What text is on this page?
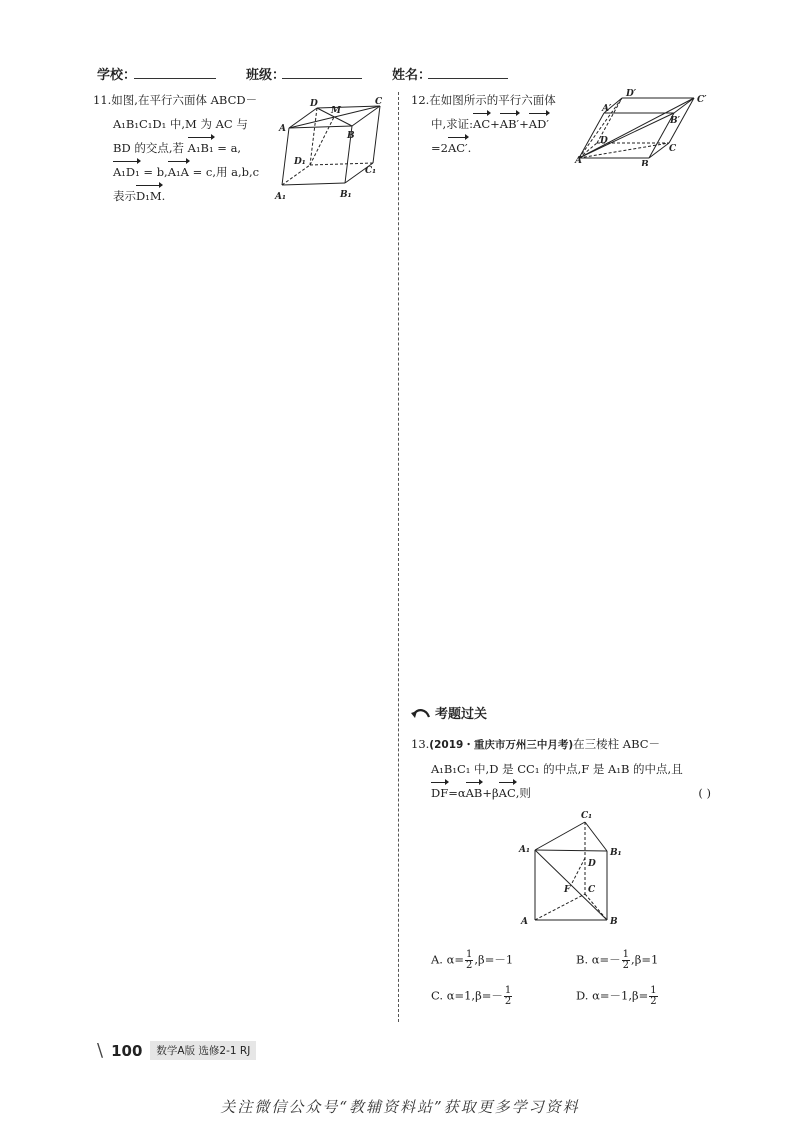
学校：	班级：	姓名：
11.如图,在平行六面体 ABCD－
A₁B₁C₁D₁ 中,M 为 AC 与
BD 的交点,若 A₁B₁ = a,
A₁D₁ = b,A₁A = c,用 a,b,c
表示D₁M.
D
M
C
A
B
D₁
C₁
A₁	B₁
12.在如图所示的平行六面体
中,求证:AC+AB′+AD′
=2AC′.
D′
C′
A′
B′
D
A
C
B
考题过关
13.(2019・重庆市万州三中月考)在三棱柱 ABC－
A₁B₁C₁ 中,D 是 CC₁ 的中点,F 是 A₁B 的中点,且
DF=αAB+βAC,则	( )
C₁
A₁	B₁
D
F C
A	B
A. $\alpha= \frac{1}{2} ,\beta=-1$	B. $\alpha=- \frac{1}{2} ,\beta=1$
C. $\alpha=1,\beta=- \frac{1}{2}$	D. $\alpha=-1,\beta= \frac{1}{2}$
\ 100	数学A版 选修2-1 RJ
关注微信公众号“教辅资料站”获取更多学习资料
